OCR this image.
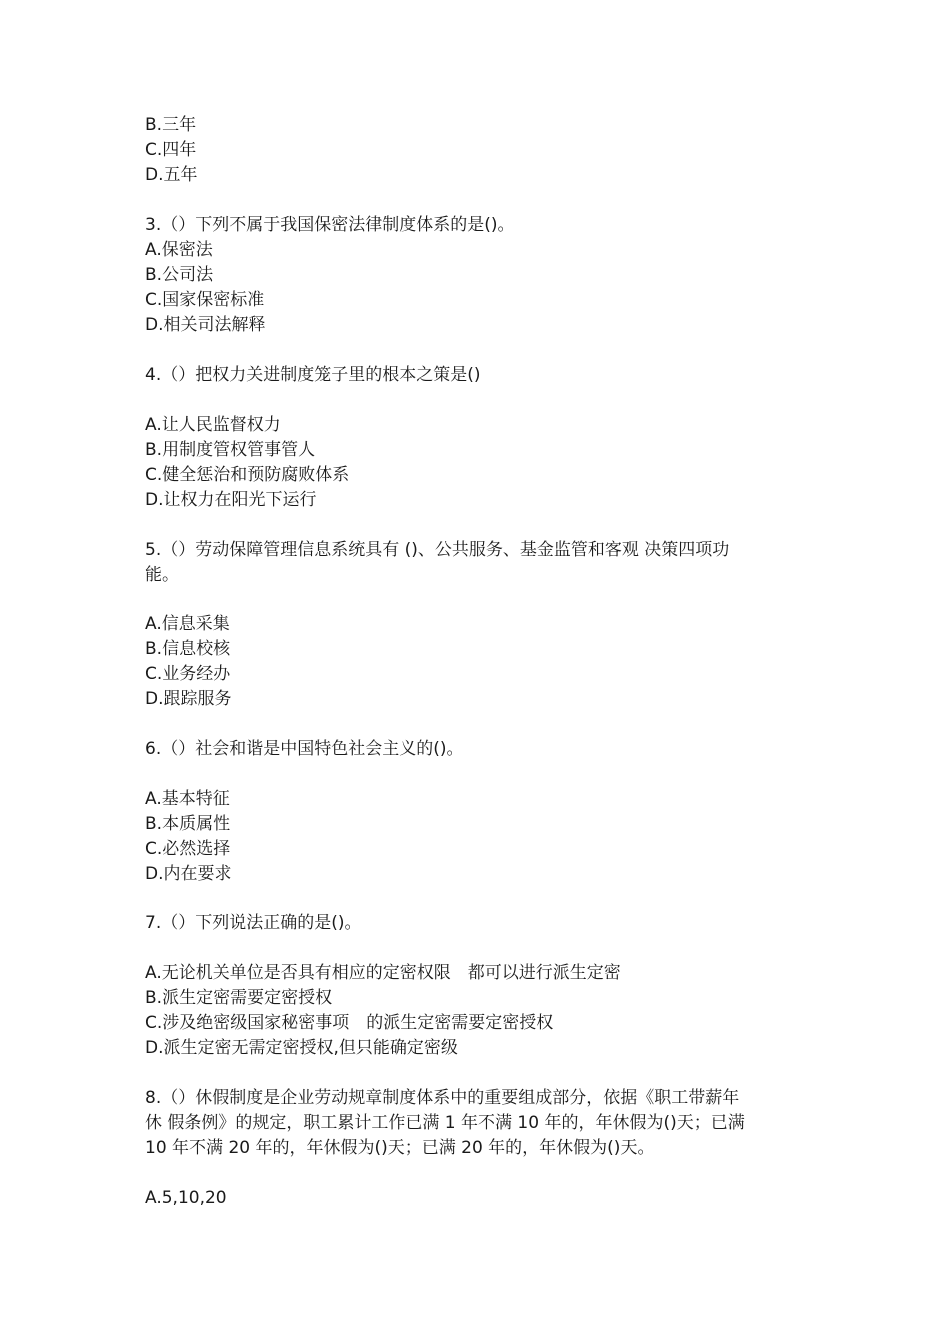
B.三年
C.四年
D.五年
3.（）下列不属于我国保密法律制度体系的是()。
A.保密法
B.公司法
C.国家保密标准
D.相关司法解释
4.（）把权力关进制度笼子里的根本之策是()
A.让人民监督权力
B.用制度管权管事管人
C.健全惩治和预防腐败体系
D.让权力在阳光下运行
5.（）劳动保障管理信息系统具有 ()、公共服务、基金监管和客观 决策四项功
能。
A.信息采集
B.信息校核
C.业务经办
D.跟踪服务
6.（）社会和谐是中国特色社会主义的()。
A.基本特征
B.本质属性
C.必然选择
D.内在要求
7.（）下列说法正确的是()。
A.无论机关单位是否具有相应的定密权限　都可以进行派生定密
B.派生定密需要定密授权
C.涉及绝密级国家秘密事项　的派生定密需要定密授权
D.派生定密无需定密授权,但只能确定密级
8.（）休假制度是企业劳动规章制度体系中的重要组成部分，依据《职工带薪年
休 假条例》的规定，职工累计工作已满 1 年不满 10 年的，年休假为()天；已满
10 年不满 20 年的，年休假为()天；已满 20 年的，年休假为()天。
A.5,10,20
